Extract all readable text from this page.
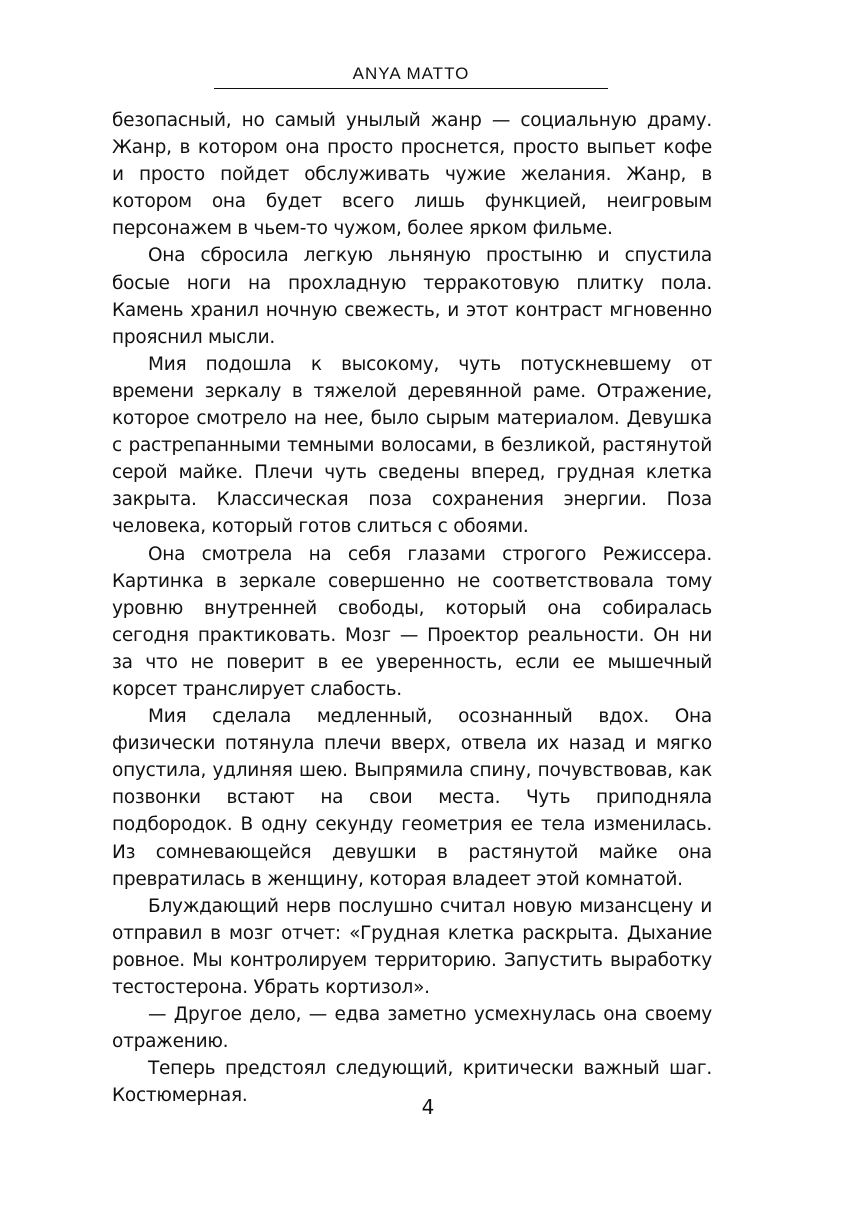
ANYA MATTO

безопасный, но самый унылый жанр — социальную драму. Жанр, в котором она просто проснется, просто выпьет кофе и просто пойдет обслуживать чужие желания. Жанр, в котором она будет всего лишь функцией, неигровым персонажем в чьем-то чужом, более ярком фильме.

Она сбросила легкую льняную простыню и спустила босые ноги на прохладную терракотовую плитку пола. Камень хранил ночную свежесть, и этот контраст мгновенно прояснил мысли.

Мия подошла к высокому, чуть потускневшему от времени зеркалу в тяжелой деревянной раме. Отражение, которое смотрело на нее, было сырым материалом. Девушка с растрепанными темными волосами, в безликой, растянутой серой майке. Плечи чуть сведены вперед, грудная клетка закрыта. Классическая поза сохранения энергии. Поза человека, который готов слиться с обоями.

Она смотрела на себя глазами строгого Режиссера. Картинка в зеркале совершенно не соответствовала тому уровню внутренней свободы, который она собиралась сегодня практиковать. Мозг — Проектор реальности. Он ни за что не поверит в ее уверенность, если ее мышечный корсет транслирует слабость.

Мия сделала медленный, осознанный вдох. Она физически потянула плечи вверх, отвела их назад и мягко опустила, удлиняя шею. Выпрямила спину, почувствовав, как позвонки встают на свои места. Чуть приподняла подбородок. В одну секунду геометрия ее тела изменилась. Из сомневающейся девушки в растянутой майке она превратилась в женщину, которая владеет этой комнатой.

Блуждающий нерв послушно считал новую мизансцену и отправил в мозг отчет: «Грудная клетка раскрыта. Дыхание ровное. Мы контролируем территорию. Запустить выработку тестостерона. Убрать кортизол».

— Другое дело, — едва заметно усмехнулась она своему отражению.

Теперь предстоял следующий, критически важный шаг. Костюмерная.	4
